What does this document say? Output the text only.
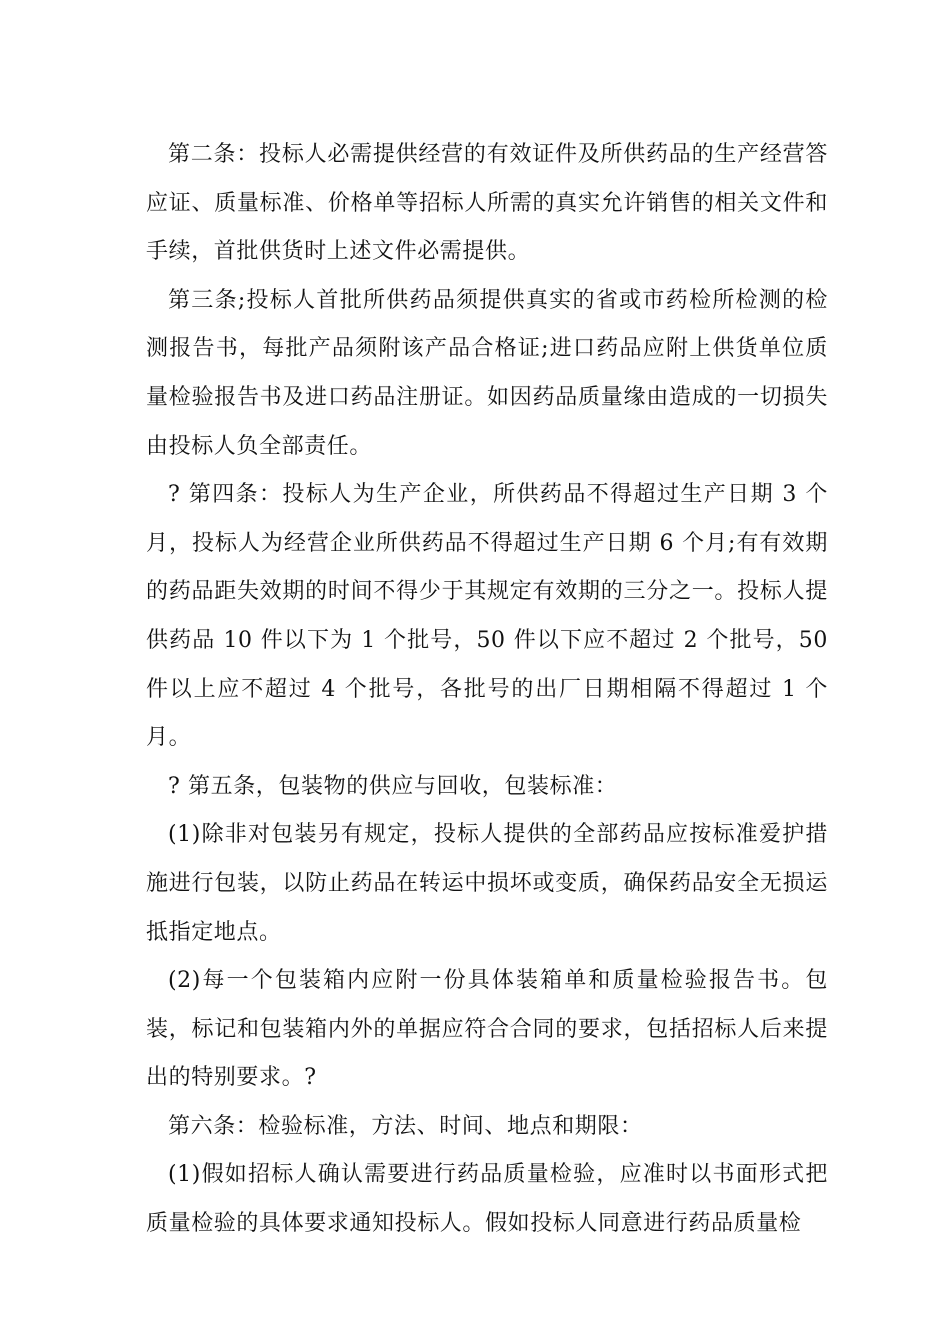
第二条：投标人必需提供经营的有效证件及所供药品的生产经营答应证、质量标准、价格单等招标人所需的真实允许销售的相关文件和手续，首批供货时上述文件必需提供。

第三条;投标人首批所供药品须提供真实的省或市药检所检测的检测报告书，每批产品须附该产品合格证;进口药品应附上供货单位质量检验报告书及进口药品注册证。如因药品质量缘由造成的一切损失由投标人负全部责任。

? 第四条：投标人为生产企业，所供药品不得超过生产日期 3 个月，投标人为经营企业所供药品不得超过生产日期 6 个月;有有效期的药品距失效期的时间不得少于其规定有效期的三分之一。投标人提供药品 10 件以下为 1 个批号，50 件以下应不超过 2 个批号，50 件以上应不超过 4 个批号，各批号的出厂日期相隔不得超过 1 个月。

? 第五条，包装物的供应与回收，包装标准：

(1)除非对包装另有规定，投标人提供的全部药品应按标准爱护措施进行包装，以防止药品在转运中损坏或变质，确保药品安全无损运抵指定地点。

(2)每一个包装箱内应附一份具体装箱单和质量检验报告书。包装，标记和包装箱内外的单据应符合合同的要求，包括招标人后来提出的特别要求。?

第六条：检验标准，方法、时间、地点和期限：

(1)假如招标人确认需要进行药品质量检验，应准时以书面形式把质量检验的具体要求通知投标人。假如投标人同意进行药品质量检
